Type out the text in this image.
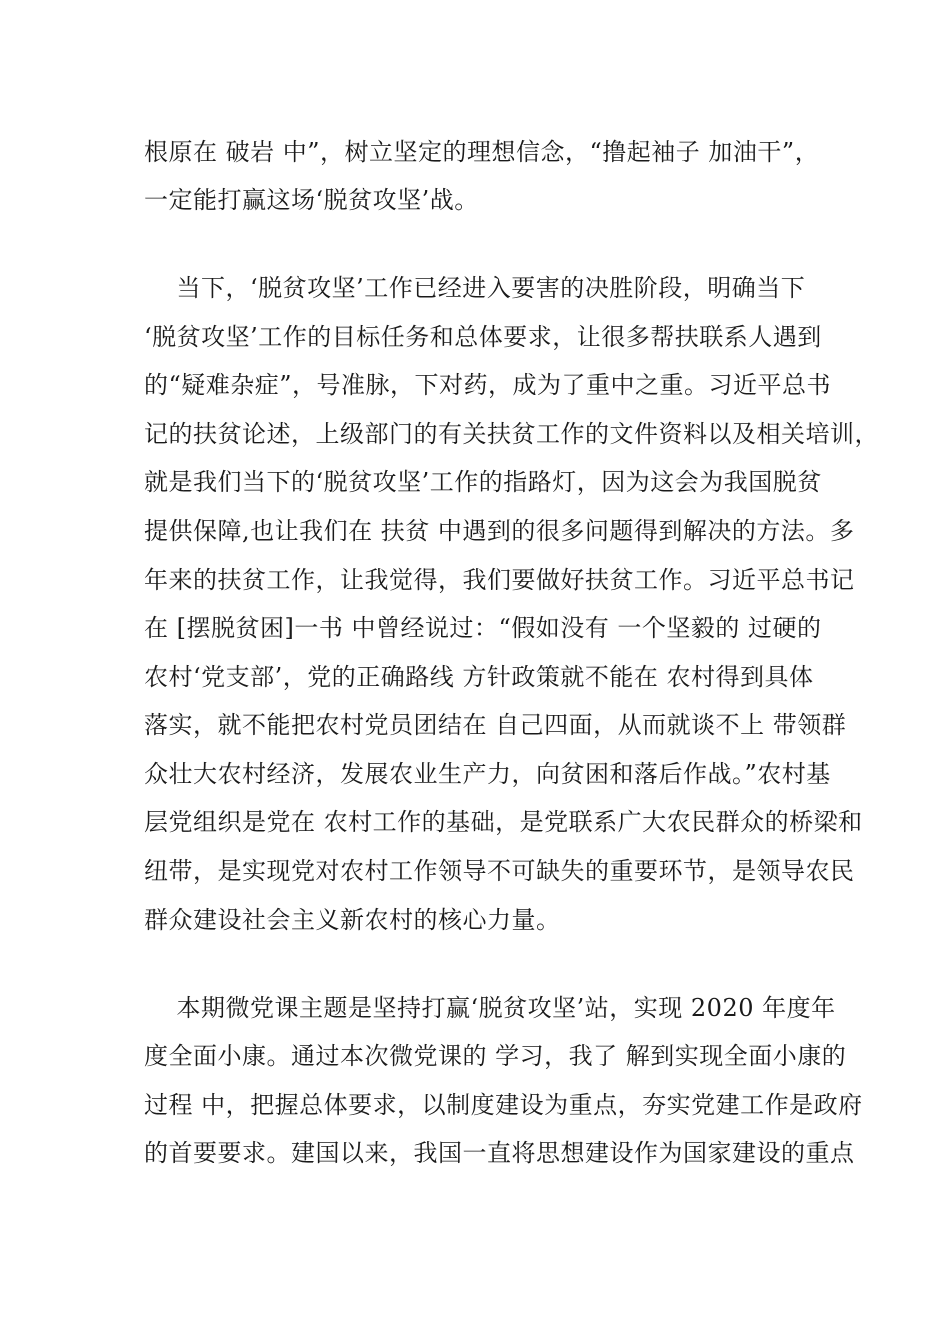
根原在 破岩 中”，树立坚定的理想信念，“撸起袖子 加油干”，
一定能打赢这场‘脱贫攻坚’战。
当下，‘脱贫攻坚’工作已经进入要害的决胜阶段，明确当下
‘脱贫攻坚’工作的目标任务和总体要求，让很多帮扶联系人遇到
的“疑难杂症”，号准脉，下对药，成为了重中之重。习近平总书
记的扶贫论述，上级部门的有关扶贫工作的文件资料以及相关培训，
就是我们当下的‘脱贫攻坚’工作的指路灯，因为这会为我国脱贫
提供保障,也让我们在 扶贫 中遇到的很多问题得到解决的方法。多
年来的扶贫工作，让我觉得，我们要做好扶贫工作。习近平总书记
在 [摆脱贫困]一书 中曾经说过：“假如没有 一个坚毅的 过硬的
农村‘党支部’，党的正确路线 方针政策就不能在 农村得到具体
落实，就不能把农村党员团结在 自己四面，从而就谈不上 带领群
众壮大农村经济，发展农业生产力，向贫困和落后作战。”农村基
层党组织是党在 农村工作的基础，是党联系广大农民群众的桥梁和
纽带，是实现党对农村工作领导不可缺失的重要环节，是领导农民
群众建设社会主义新农村的核心力量。
本期微党课主题是坚持打赢‘脱贫攻坚’站，实现 2020 年度年
度全面小康。通过本次微党课的 学习，我了 解到实现全面小康的
过程 中，把握总体要求，以制度建设为重点，夯实党建工作是政府
的首要要求。建国以来，我国一直将思想建设作为国家建设的重点
